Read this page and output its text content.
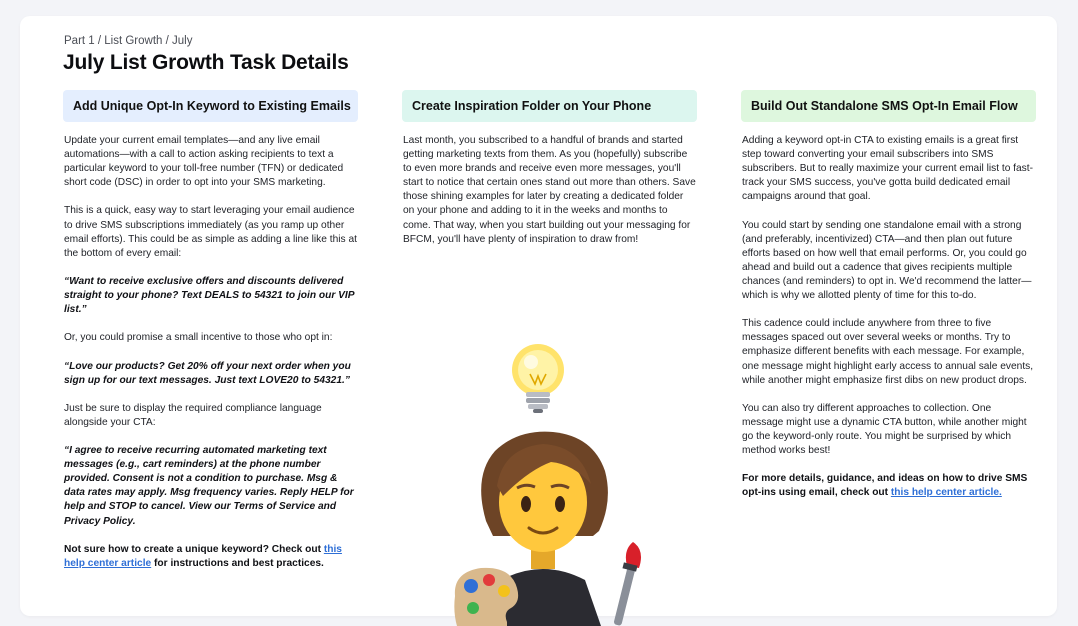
Part 1 / List Growth / July
July List Growth Task Details
Add Unique Opt-In Keyword to Existing Emails

Update your current email templates—and any live email automations—with a call to action asking recipients to text a particular keyword to your toll-free number (TFN) or dedicated short code (DSC) in order to opt into your SMS marketing.

This is a quick, easy way to start leveraging your email audience to drive SMS subscriptions immediately (as you ramp up other email efforts). This could be as simple as adding a line like this at the bottom of every email:

“Want to receive exclusive offers and discounts delivered straight to your phone? Text DEALS to 54321 to join our VIP list.”

Or, you could promise a small incentive to those who opt in:

“Love our products? Get 20% off your next order when you sign up for our text messages. Just text LOVE20 to 54321.”

Just be sure to display the required compliance language alongside your CTA:

“I agree to receive recurring automated marketing text messages (e.g., cart reminders) at the phone number provided. Consent is not a condition to purchase. Msg & data rates may apply. Msg frequency varies. Reply HELP for help and STOP to cancel. View our Terms of Service and Privacy Policy.

Not sure how to create a unique keyword? Check out this help center article for instructions and best practices.

Create Inspiration Folder on Your Phone

Last month, you subscribed to a handful of brands and started getting marketing texts from them. As you (hopefully) subscribe to even more brands and receive even more messages, you'll start to notice that certain ones stand out more than others. Save those shining examples for later by creating a dedicated folder on your phone and adding to it in the weeks and months to come. That way, when you start building out your messaging for BFCM, you'll have plenty of inspiration to draw from!

Build Out Standalone SMS Opt-In Email Flow

Adding a keyword opt-in CTA to existing emails is a great first step toward converting your email subscribers into SMS subscribers. But to really maximize your current email list to fast-track your SMS success, you've gotta build dedicated email campaigns around that goal.

You could start by sending one standalone email with a strong (and preferably, incentivized) CTA—and then plan out future efforts based on how well that email performs. Or, you could go ahead and build out a cadence that gives recipients multiple chances (and reminders) to opt in. We'd recommend the latter—which is why we allotted plenty of time for this to-do.

This cadence could include anywhere from three to five messages spaced out over several weeks or months. Try to emphasize different benefits with each message. For example, one message might highlight early access to annual sale events, while another might emphasize first dibs on new product drops.

You can also try different approaches to collection. One message might use a dynamic CTA button, while another might go the keyword-only route. You might be surprised by which method works best!

For more details, guidance, and ideas on how to drive SMS opt-ins using email, check out this help center article.
